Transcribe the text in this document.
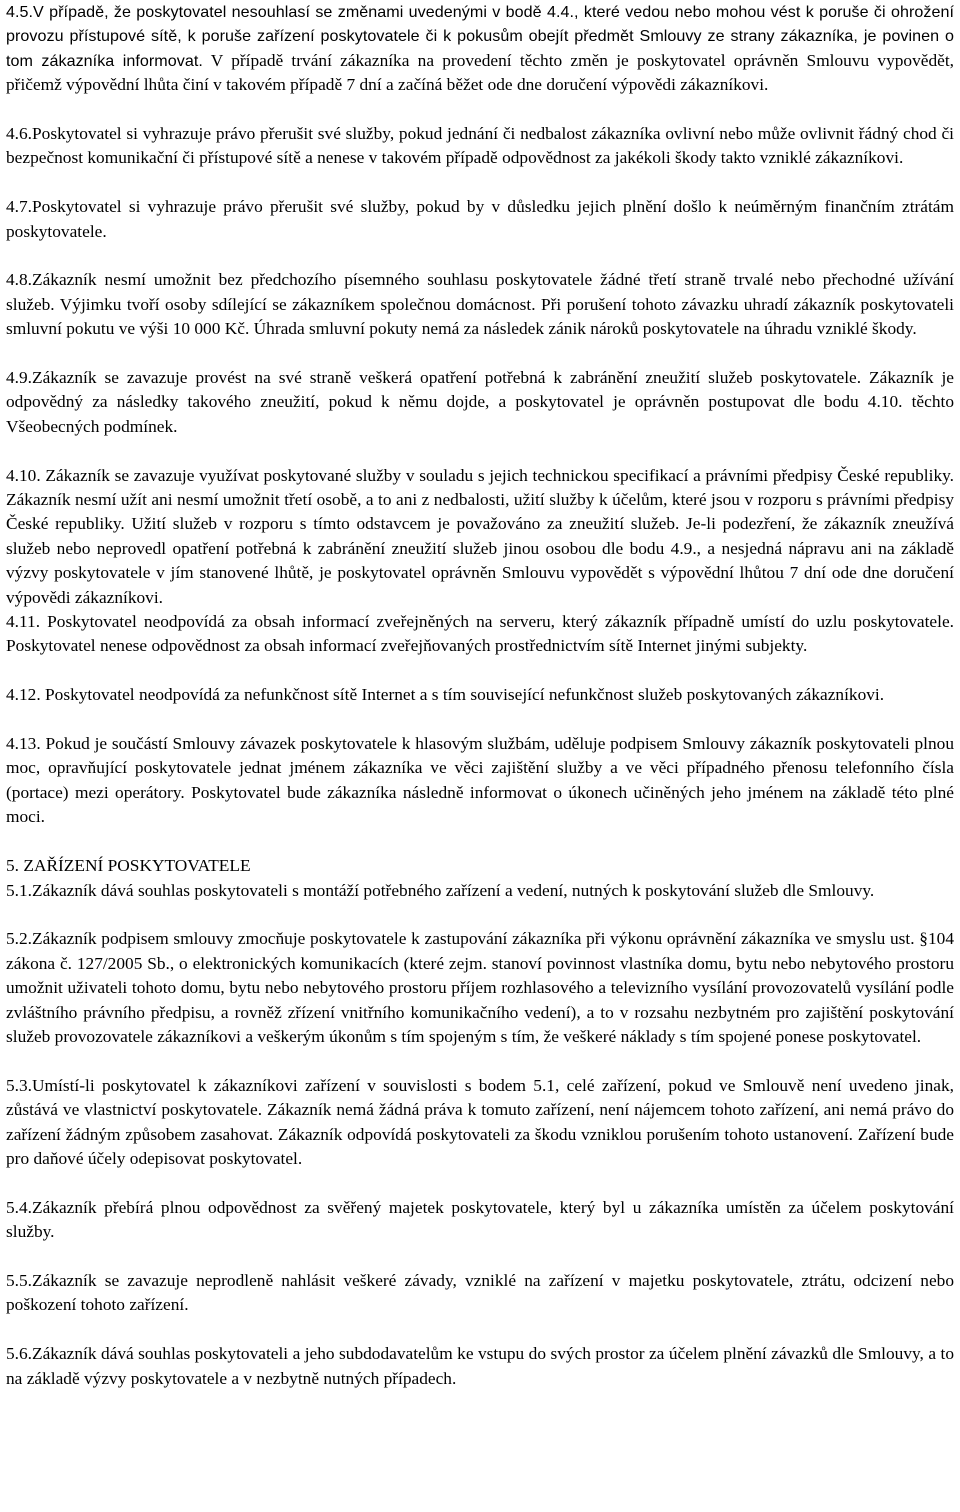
4.5.V případě, že poskytovatel nesouhlasí se změnami uvedenými v bodě 4.4., které vedou nebo mohou vést k poruše či ohrožení provozu přístupové sítě, k poruše zařízení poskytovatele či k pokusům obejít předmět Smlouvy ze strany zákazníka, je povinen o tom zákazníka informovat. V případě trvání zákazníka na provedení těchto změn je poskytovatel oprávněn Smlouvu vypovědět, přičemž výpovědní lhůta činí v takovém případě 7 dní a začíná běžet ode dne doručení výpovědi zákazníkovi.

4.6.Poskytovatel si vyhrazuje právo přerušit své služby, pokud jednání či nedbalost zákazníka ovlivní nebo může ovlivnit řádný chod či bezpečnost komunikační či přístupové sítě a nenese v takovém případě odpovědnost za jakékoli škody takto vzniklé zákazníkovi.

4.7.Poskytovatel si vyhrazuje právo přerušit své služby, pokud by v důsledku jejich plnění došlo k neúměrným finančním ztrátám poskytovatele.

4.8.Zákazník nesmí umožnit bez předchozího písemného souhlasu poskytovatele žádné třetí straně trvalé nebo přechodné užívání služeb. Výjimku tvoří osoby sdílející se zákazníkem společnou domácnost. Při porušení tohoto závazku uhradí zákazník poskytovateli smluvní pokutu ve výši 10 000 Kč. Úhrada smluvní pokuty nemá za následek zánik nároků poskytovatele na úhradu vzniklé škody.

4.9.Zákazník se zavazuje provést na své straně veškerá opatření potřebná k zabránění zneužití služeb poskytovatele. Zákazník je odpovědný za následky takového zneužití, pokud k němu dojde, a poskytovatel je oprávněn postupovat dle bodu 4.10. těchto Všeobecných podmínek.

4.10. Zákazník se zavazuje využívat poskytované služby v souladu s jejich technickou specifikací a právními předpisy České republiky. Zákazník nesmí užít ani nesmí umožnit třetí osobě, a to ani z nedbalosti, užití služby k účelům, které jsou v rozporu s právními předpisy České republiky. Užití služeb v rozporu s tímto odstavcem je považováno za zneužití služeb. Je-li podezření, že zákazník zneužívá služeb nebo neprovedl opatření potřebná k zabránění zneužití služeb jinou osobou dle bodu 4.9., a nesjedná nápravu ani na základě výzvy poskytovatele v jím stanovené lhůtě, je poskytovatel oprávněn Smlouvu vypovědět s výpovědní lhůtou 7 dní ode dne doručení výpovědi zákazníkovi.

4.11. Poskytovatel neodpovídá za obsah informací zveřejněných na serveru, který zákazník případně umístí do uzlu poskytovatele. Poskytovatel nenese odpovědnost za obsah informací zveřejňovaných prostřednictvím sítě Internet jinými subjekty.

4.12. Poskytovatel neodpovídá za nefunkčnost sítě Internet a s tím související nefunkčnost služeb poskytovaných zákazníkovi.

4.13. Pokud je součástí Smlouvy závazek poskytovatele k hlasovým službám, uděluje podpisem Smlouvy zákazník poskytovateli plnou moc, opravňující poskytovatele jednat jménem zákazníka ve věci zajištění služby a ve věci případného přenosu telefonního čísla (portace) mezi operátory. Poskytovatel bude zákazníka následně informovat o úkonech učiněných jeho jménem na základě této plné moci.

5. ZAŘÍZENÍ POSKYTOVATELE

5.1.Zákazník dává souhlas poskytovateli s montáží potřebného zařízení a vedení, nutných k poskytování služeb dle Smlouvy.

5.2.Zákazník podpisem smlouvy zmocňuje poskytovatele k zastupování zákazníka při výkonu oprávnění zákazníka ve smyslu ust. §104 zákona č. 127/2005 Sb., o elektronických komunikacích (které zejm. stanoví povinnost vlastníka domu, bytu nebo nebytového prostoru umožnit uživateli tohoto domu, bytu nebo nebytového prostoru příjem rozhlasového a televizního vysílání provozovatelů vysílání podle zvláštního právního předpisu, a rovněž zřízení vnitřního komunikačního vedení), a to v rozsahu nezbytném pro zajištění poskytování služeb provozovatele zákazníkovi a veškerým úkonům s tím spojeným s tím, že veškeré náklady s tím spojené ponese poskytovatel.

5.3.Umístí-li poskytovatel k zákazníkovi zařízení v souvislosti s bodem 5.1, celé zařízení, pokud ve Smlouvě není uvedeno jinak, zůstává ve vlastnictví poskytovatele. Zákazník nemá žádná práva k tomuto zařízení, není nájemcem tohoto zařízení, ani nemá právo do zařízení žádným způsobem zasahovat. Zákazník odpovídá poskytovateli za škodu vzniklou porušením tohoto ustanovení. Zařízení bude pro daňové účely odepisovat poskytovatel.

5.4.Zákazník přebírá plnou odpovědnost za svěřený majetek poskytovatele, který byl u zákazníka umístěn za účelem poskytování služby.

5.5.Zákazník se zavazuje neprodleně nahlásit veškeré závady, vzniklé na zařízení v majetku poskytovatele, ztrátu, odcizení nebo poškození tohoto zařízení.

5.6.Zákazník dává souhlas poskytovateli a jeho subdodavatelům ke vstupu do svých prostor za účelem plnění závazků dle Smlouvy, a to na základě výzvy poskytovatele a v nezbytně nutných případech.
